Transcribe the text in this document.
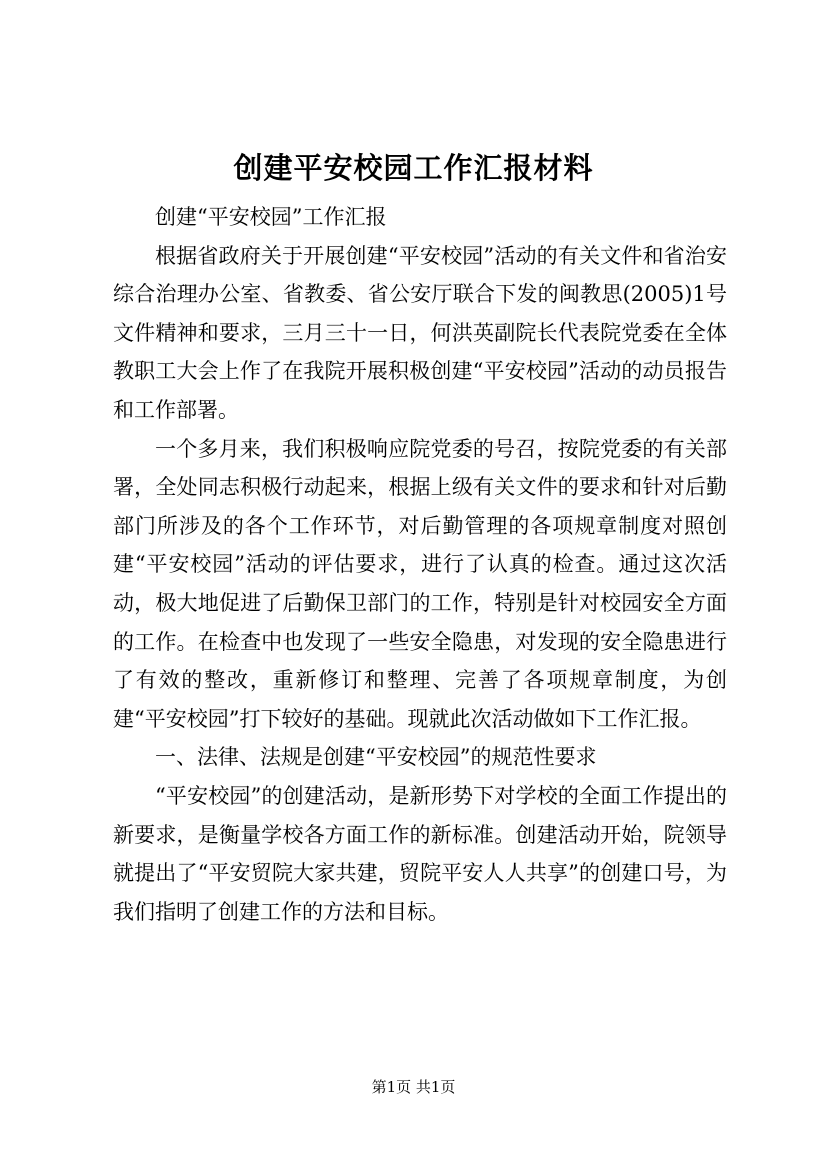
创建平安校园工作汇报材料

创建“平安校园”工作汇报

根据省政府关于开展创建“平安校园”活动的有关文件和省治安综合治理办公室、省教委、省公安厅联合下发的闽教思(2005)1号文件精神和要求，三月三十一日，何洪英副院长代表院党委在全体教职工大会上作了在我院开展积极创建“平安校园”活动的动员报告和工作部署。

一个多月来，我们积极响应院党委的号召，按院党委的有关部署，全处同志积极行动起来，根据上级有关文件的要求和针对后勤部门所涉及的各个工作环节，对后勤管理的各项规章制度对照创建“平安校园”活动的评估要求，进行了认真的检查。通过这次活动，极大地促进了后勤保卫部门的工作，特别是针对校园安全方面的工作。在检查中也发现了一些安全隐患，对发现的安全隐患进行了有效的整改，重新修订和整理、完善了各项规章制度，为创建“平安校园”打下较好的基础。现就此次活动做如下工作汇报。

一、法律、法规是创建“平安校园”的规范性要求

“平安校园”的创建活动，是新形势下对学校的全面工作提出的新要求，是衡量学校各方面工作的新标准。创建活动开始，院领导就提出了“平安贸院大家共建，贸院平安人人共享”的创建口号，为我们指明了创建工作的方法和目标。

第1页 共1页
